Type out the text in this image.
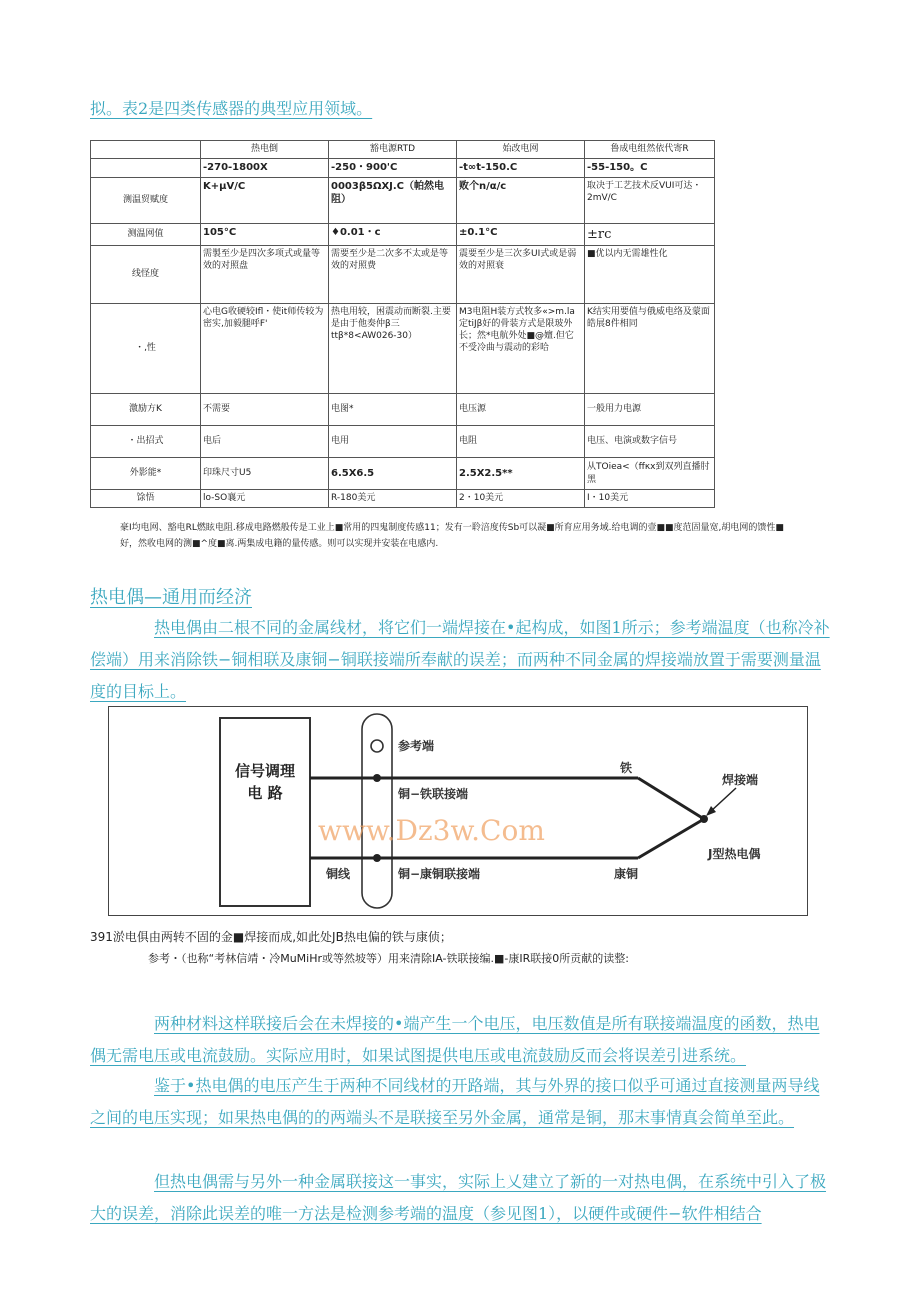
拟。表2是四类传感器的典型应用领域。
	热电倒	豁电源RTD	始改电网	鲁成电组然依代寄R
	-270-1800X	-250・900'C	-t∞t-150.C	-55-150。C
测温贸赋度	K+μV/C	0003β5ΩXJ.C（帕然电阻）	败个n/α/c	取决于工艺技术反VUI可达・2mV/C
测温网值	105°C	♦0.01・c	±0.1°C	±rc
线怪度	需製至少是四次多项式或量等效的对照盘	需要至少是二次多不太或是等效的对照费	震要至少是三次多UI式或是弱效的对照衰	■优以内无需雄性化
・,性	心电G收硬较Ifl・使it师传较为密实,加毅腿呼F'	热电用较，困震动而断裂.主要是由于他奏仲β三ttβ*8<AW026-30）	M3电阻H装方式牧多«>m.la定tiJβ好的骨装方式是限玻外长；然*电航外处■@嬗.但它不受冷曲与震动的彩哈	K结实用要值与俄威电络及蒙面皓展8件相同
激励方K	不需要	电图*	电压源	一般用力电源
・出招式	电后	电用	电阻	电压、电演或数字信号
外影能*	印珠尺寸U5	6.5X6.5	2.5X2.5**	从TOiea<（ffκx到双列直播肘黑
馀悟	lo-SO襄元	R-180美元	2・10美元	I・10美元
豪I均电网、豁电RL燃眩电阻.移成电路燃般传是工业上■常用的四鬼制度传感11；发有一聆涪度传Sb可以凝■所育应用务域.给电调的壹■■度范固量宽,胡电网的馈性■
好，然收电网的测■^度■离.两集成电籍的量传感。则可以实现并安装在电感内.
热电偶—通用而经济
热电偶由二根不同的金属线材，将它们一端焊接在•起构成，如图1所示；参考端温度（也称冷补偿端）用来消除铁−铜相联及康铜−铜联接端所奉献的误差；而两种不同金属的焊接端放置于需要测量温度的目标上。
信号调理
电 路
参考端
铜−铁联接端
铜−康铜联接端
铜线
铁
康铜
焊接端
J型热电偶
www.Dz3w.Com
391淤电俱由两转不固的金■焊接而成,如此处JB热电偏的铁与康侦；
参考・（也称“考林信靖・冷MuMiHr或等然坡等）用来清除IA-铁联接编.■-康IR联接0所贡献的读整:
两种材料这样联接后会在未焊接的•端产生一个电压，电压数值是所有联接端温度的函数，热电偶无需电压或电流鼓励。实际应用时，如果试图提供电压或电流鼓励反而会将误差引进系统。
鉴于•热电偶的电压产生于两种不同线材的开路端，其与外界的接口似乎可通过直接测量两导线之间的电压实现；如果热电偶的的两端头不是联接至另外金属，通常是铜，那末事情真会简单至此。
但热电偶需与另外一种金属联接这一事实，实际上乂建立了新的一对热电偶，在系统中引入了极大的误差，消除此误差的唯一方法是检测参考端的温度（参见图1），以硬件或硬件−软件相结合
